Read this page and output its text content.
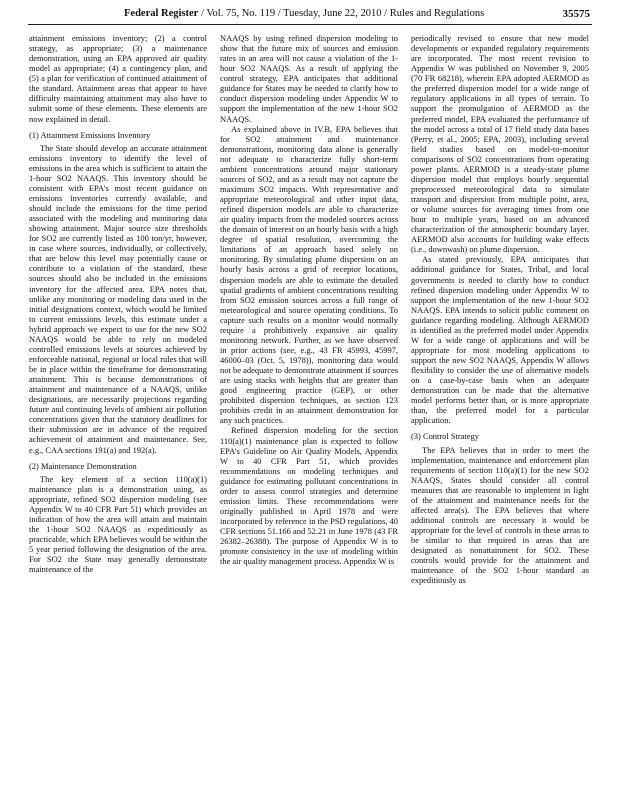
Federal Register / Vol. 75, No. 119 / Tuesday, June 22, 2010 / Rules and Regulations	35575

attainment emissions inventory; (2) a control strategy, as appropriate; (3) a maintenance demonstration, using an EPA approved air quality model as appropriate; (4) a contingency plan, and (5) a plan for verification of continued attainment of the standard. Attainment areas that appear to have difficulty maintaining attainment may also have to submit some of these elements. These elements are now explained in detail.

(1) Attainment Emissions Inventory

The State should develop an accurate attainment emissions inventory to identify the level of emissions in the area which is sufficient to attain the 1-hour SO2 NAAQS. This inventory should be consistent with EPA’s most recent guidance on emissions inventories currently available, and should include the emissions for the time period associated with the modeling and monitoring data showing attainment. Major source size thresholds for SO2 are currently listed as 100 ton/yr, however, in case where sources, individually, or collectively, that are below this level may potentially cause or contribute to a violation of the standard, these sources should also be included in the emissions inventory for the affected area. EPA notes that, unlike any monitoring or modeling data used in the initial designations context, which would be limited to current emissions levels, this estimate under a hybrid approach we expect to use for the new SO2 NAAQS would be able to rely on modeled controlled emissions levels at sources achieved by enforceable national, regional or local rules that will be in place within the timeframe for demonstrating attainment. This is because demonstrations of attainment and maintenance of a NAAQS, unlike designations, are necessarily projections regarding future and continuing levels of ambient air pollution concentrations given that the statutory deadlines for their submission are in advance of the required achievement of attainment and maintenance. See, e.g., CAA sections 191(a) and 192(a).

(2) Maintenance Demonstration

The key element of a section 110(a)(1) maintenance plan is a demonstration using, as appropriate, refined SO2 dispersion modeling (see Appendix W to 40 CFR Part 51) which provides an indication of how the area will attain and maintain the 1-hour SO2 NAAQS as expeditiously as practicable, which EPA believes would be within the 5 year period following the designation of the area. For SO2 the State may generally demonstrate maintenance of the

NAAQS by using refined dispersion modeling to show that the future mix of sources and emission rates in an area will not cause a violation of the 1-hour SO2 NAAQS. As a result of applying the control strategy, EPA anticipates that additional guidance for States may be needed to clarify how to conduct dispersion modeling under Appendix W to support the implementation of the new 1-hour SO2 NAAQS.

As explained above in IV.B, EPA believes that for SO2 attainment and maintenance demonstrations, monitoring data alone is generally not adequate to characterize fully short-term ambient concentrations around major stationary sources of SO2, and as a result may not capture the maximum SO2 impacts. With representative and appropriate meteorological and other input data, refined dispersion models are able to characterize air quality impacts from the modeled sources across the domain of interest on an hourly basis with a high degree of spatial resolution, overcoming the limitations of an approach based solely on monitoring. By simulating plume dispersion on an hourly basis across a grid of receptor locations, dispersion models are able to estimate the detailed spatial gradients of ambient concentrations resulting from SO2 emission sources across a full range of meteorological and source operating conditions. To capture such results on a monitor would normally require a prohibitively expansive air quality monitoring network. Further, as we have observed in prior actions (see, e.g., 43 FR 45993, 45997, 46000–03 (Oct. 5, 1978)), monitoring data would not be adequate to demonstrate attainment if sources are using stacks with heights that are greater than good engineering practice (GEP), or other prohibited dispersion techniques, as section 123 prohibits credit in an attainment demonstration for any such practices.

Refined dispersion modeling for the section 110(a)(1) maintenance plan is expected to follow EPA’s Guideline on Air Quality Models, Appendix W to 40 CFR Part 51, which provides recommendations on modeling techniques and guidance for estimating pollutant concentrations in order to assess control strategies and determine emission limits. These recommendations were originally published in April 1978 and were incorporated by reference in the PSD regulations, 40 CFR sections 51.166 and 52.21 in June 1978 (43 FR 26382–26388). The purpose of Appendix W is to promote consistency in the use of modeling within the air quality management process. Appendix W is

periodically revised to ensure that new model developments or expanded regulatory requirements are incorporated. The most recent revision to Appendix W was published on November 9, 2005 (70 FR 68218), wherein EPA adopted AERMOD as the preferred dispersion model for a wide range of regulatory applications in all types of terrain. To support the promulgation of AERMOD as the preferred model, EPA evaluated the performance of the model across a total of 17 field study data bases (Perry, et al., 2005; EPA, 2003), including several field studies based on model-to-monitor comparisons of SO2 concentrations from operating power plants. AERMOD is a steady-state plume dispersion model that employs hourly sequential preprocessed meteorological data to simulate transport and dispersion from multiple point, area, or volume sources for averaging times from one hour to multiple years, based on an advanced characterization of the atmospheric boundary layer. AERMOD also accounts for building wake effects (i.e., downwash) on plume dispersion.

As stated previously, EPA anticipates that additional guidance for States, Tribal, and local governments is needed to clarify how to conduct refined dispersion modeling under Appendix W to support the implementation of the new 1-hour SO2 NAAQS. EPA intends to solicit public comment on guidance regarding modeling. Although AERMOD is identified as the preferred model under Appendix W for a wide range of applications and will be appropriate for most modeling applications to support the new SO2 NAAQS, Appendix W allows flexibility to consider the use of alternative models on a case-by-case basis when an adequate demonstration can be made that the alternative model performs better than, or is more appropriate than, the preferred model for a particular application.

(3) Control Strategy

The EPA believes that in order to meet the implementation, maintenance and enforcement plan requirements of section 110(a)(1) for the new SO2 NAAQS, States should consider all control measures that are reasonable to implement in light of the attainment and maintenance needs for the affected area(s). The EPA believes that where additional controls are necessary it would be appropriate for the level of controls in these areas to be similar to that required in areas that are designated as nonattainment for SO2. These controls would provide for the attainment and maintenance of the SO2 1-hour standard as expeditiously as
